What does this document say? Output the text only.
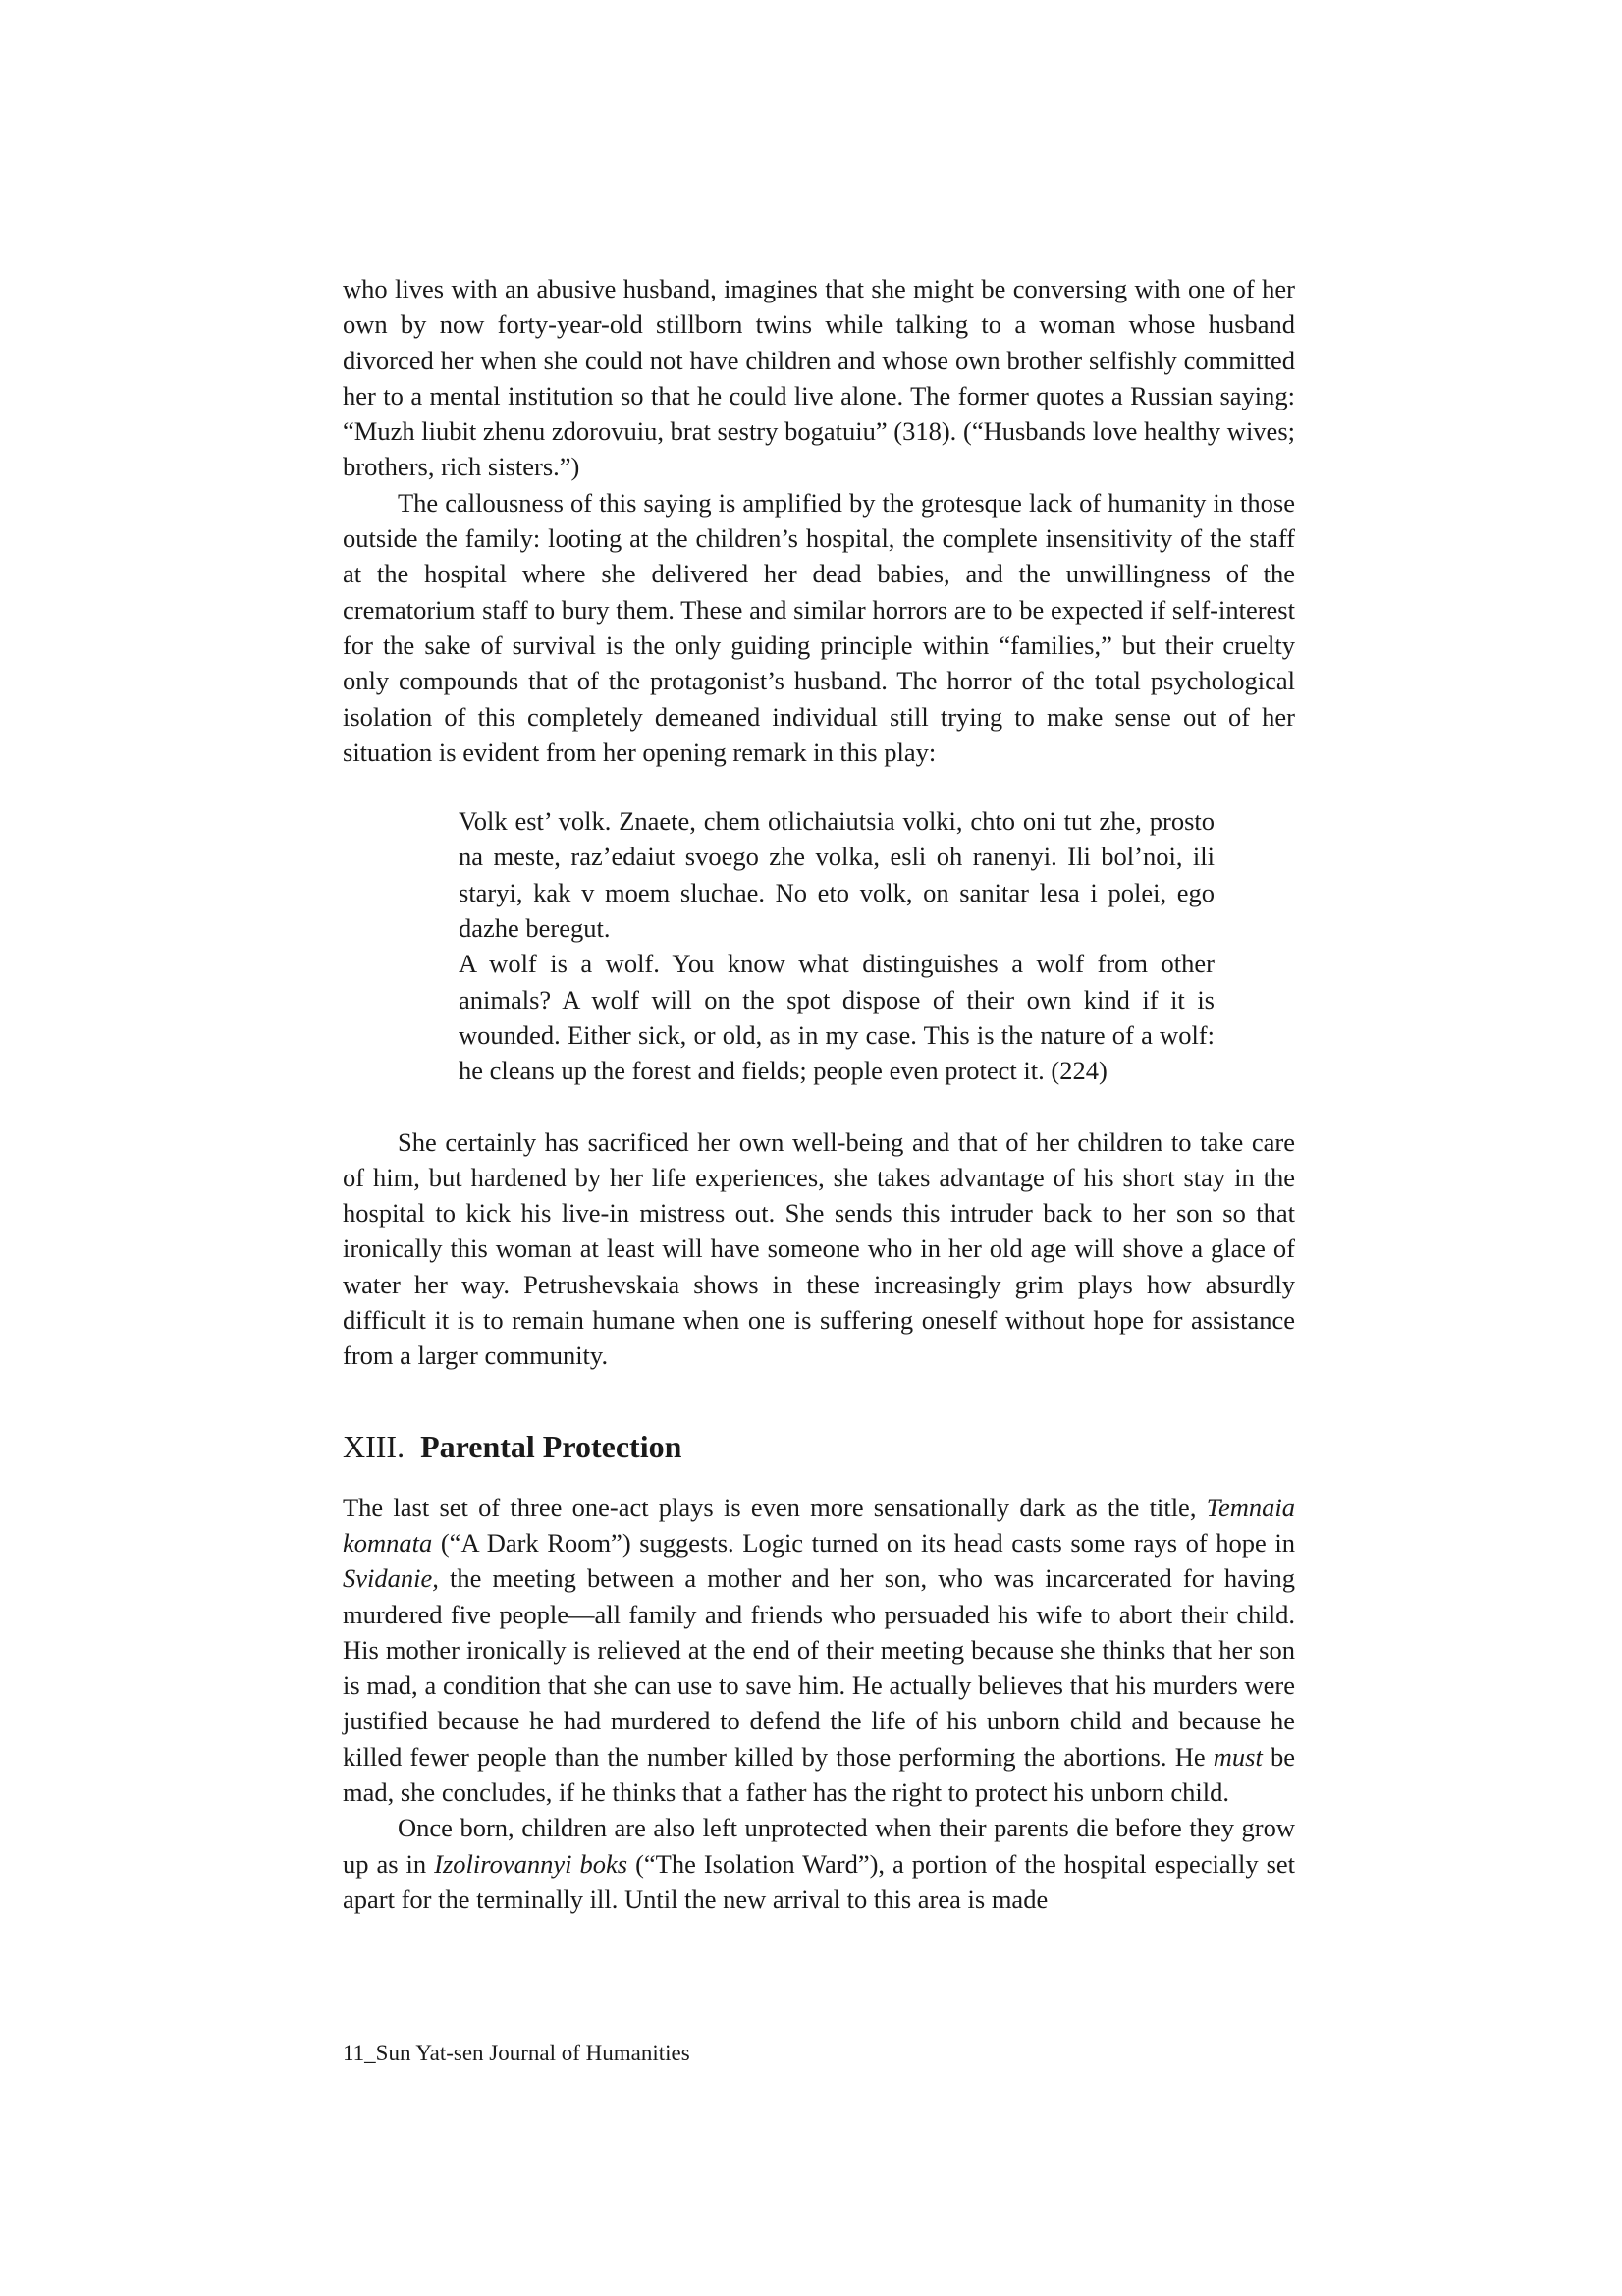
who lives with an abusive husband, imagines that she might be conversing with one of her own by now forty-year-old stillborn twins while talking to a woman whose husband divorced her when she could not have children and whose own brother selfishly committed her to a mental institution so that he could live alone. The former quotes a Russian saying: “Muzh liubit zhenu zdorovuiu, brat sestry bogatuiu” (318). (“Husbands love healthy wives; brothers, rich sisters.”)

The callousness of this saying is amplified by the grotesque lack of humanity in those outside the family: looting at the children’s hospital, the complete insensitivity of the staff at the hospital where she delivered her dead babies, and the unwillingness of the crematorium staff to bury them. These and similar horrors are to be expected if self-interest for the sake of survival is the only guiding principle within “families,” but their cruelty only compounds that of the protagonist’s husband. The horror of the total psychological isolation of this completely demeaned individual still trying to make sense out of her situation is evident from her opening remark in this play:

Volk est’ volk. Znaete, chem otlichaiutsia volki, chto oni tut zhe, prosto na meste, raz’edaiut svoego zhe volka, esli oh ranenyi. Ili bol’noi, ili staryi, kak v moem sluchae. No eto volk, on sanitar lesa i polei, ego dazhe beregut.

A wolf is a wolf. You know what distinguishes a wolf from other animals? A wolf will on the spot dispose of their own kind if it is wounded. Either sick, or old, as in my case. This is the nature of a wolf: he cleans up the forest and fields; people even protect it. (224)

She certainly has sacrificed her own well-being and that of her children to take care of him, but hardened by her life experiences, she takes advantage of his short stay in the hospital to kick his live-in mistress out. She sends this intruder back to her son so that ironically this woman at least will have someone who in her old age will shove a glace of water her way. Petrushevskaia shows in these increasingly grim plays how absurdly difficult it is to remain humane when one is suffering oneself without hope for assistance from a larger community.

XIII. Parental Protection

The last set of three one-act plays is even more sensationally dark as the title, Temnaia komnata (“A Dark Room”) suggests. Logic turned on its head casts some rays of hope in Svidanie, the meeting between a mother and her son, who was incarcerated for having murdered five people—all family and friends who persuaded his wife to abort their child. His mother ironically is relieved at the end of their meeting because she thinks that her son is mad, a condition that she can use to save him. He actually believes that his murders were justified because he had murdered to defend the life of his unborn child and because he killed fewer people than the number killed by those performing the abortions. He must be mad, she concludes, if he thinks that a father has the right to protect his unborn child.

Once born, children are also left unprotected when their parents die before they grow up as in Izolirovannyi boks (“The Isolation Ward”), a portion of the hospital especially set apart for the terminally ill. Until the new arrival to this area is made

11_Sun Yat-sen Journal of Humanities
